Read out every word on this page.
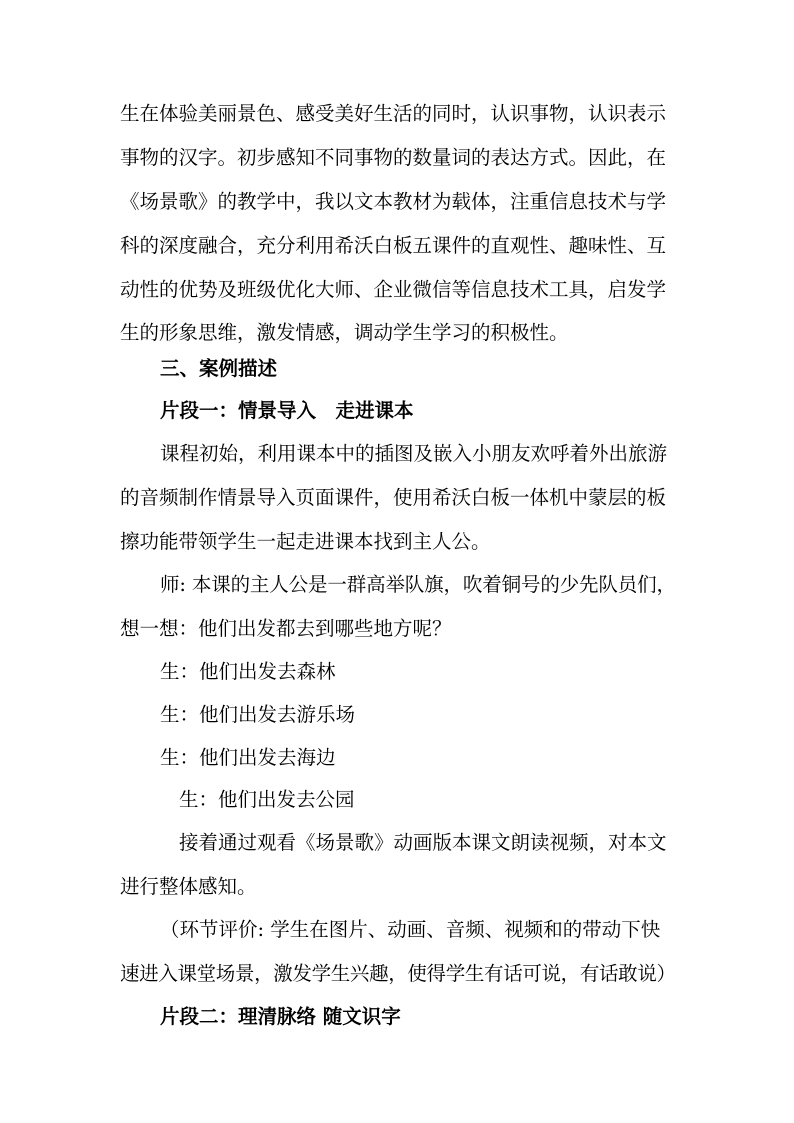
生在体验美丽景色、感受美好生活的同时，认识事物，认识表示
事物的汉字。初步感知不同事物的数量词的表达方式。因此，在
《场景歌》的教学中，我以文本教材为载体，注重信息技术与学
科的深度融合，充分利用希沃白板五课件的直观性、趣味性、互
动性的优势及班级优化大师、企业微信等信息技术工具，启发学
生的形象思维，激发情感，调动学生学习的积极性。
三、案例描述
片段一：情景导入　走进课本
课程初始，利用课本中的插图及嵌入小朋友欢呼着外出旅游
的音频制作情景导入页面课件，使用希沃白板一体机中蒙层的板
擦功能带领学生一起走进课本找到主人公。
师: 本课的主人公是一群高举队旗，吹着铜号的少先队员们，
想一想：他们出发都去到哪些地方呢？
生：他们出发去森林
生：他们出发去游乐场
生：他们出发去海边
生：他们出发去公园
接着通过观看《场景歌》动画版本课文朗读视频，对本文
进行整体感知。
（环节评价: 学生在图片、动画、音频、视频和的带动下快
速进入课堂场景，激发学生兴趣，使得学生有话可说，有话敢说）
片段二：理清脉络 随文识字
